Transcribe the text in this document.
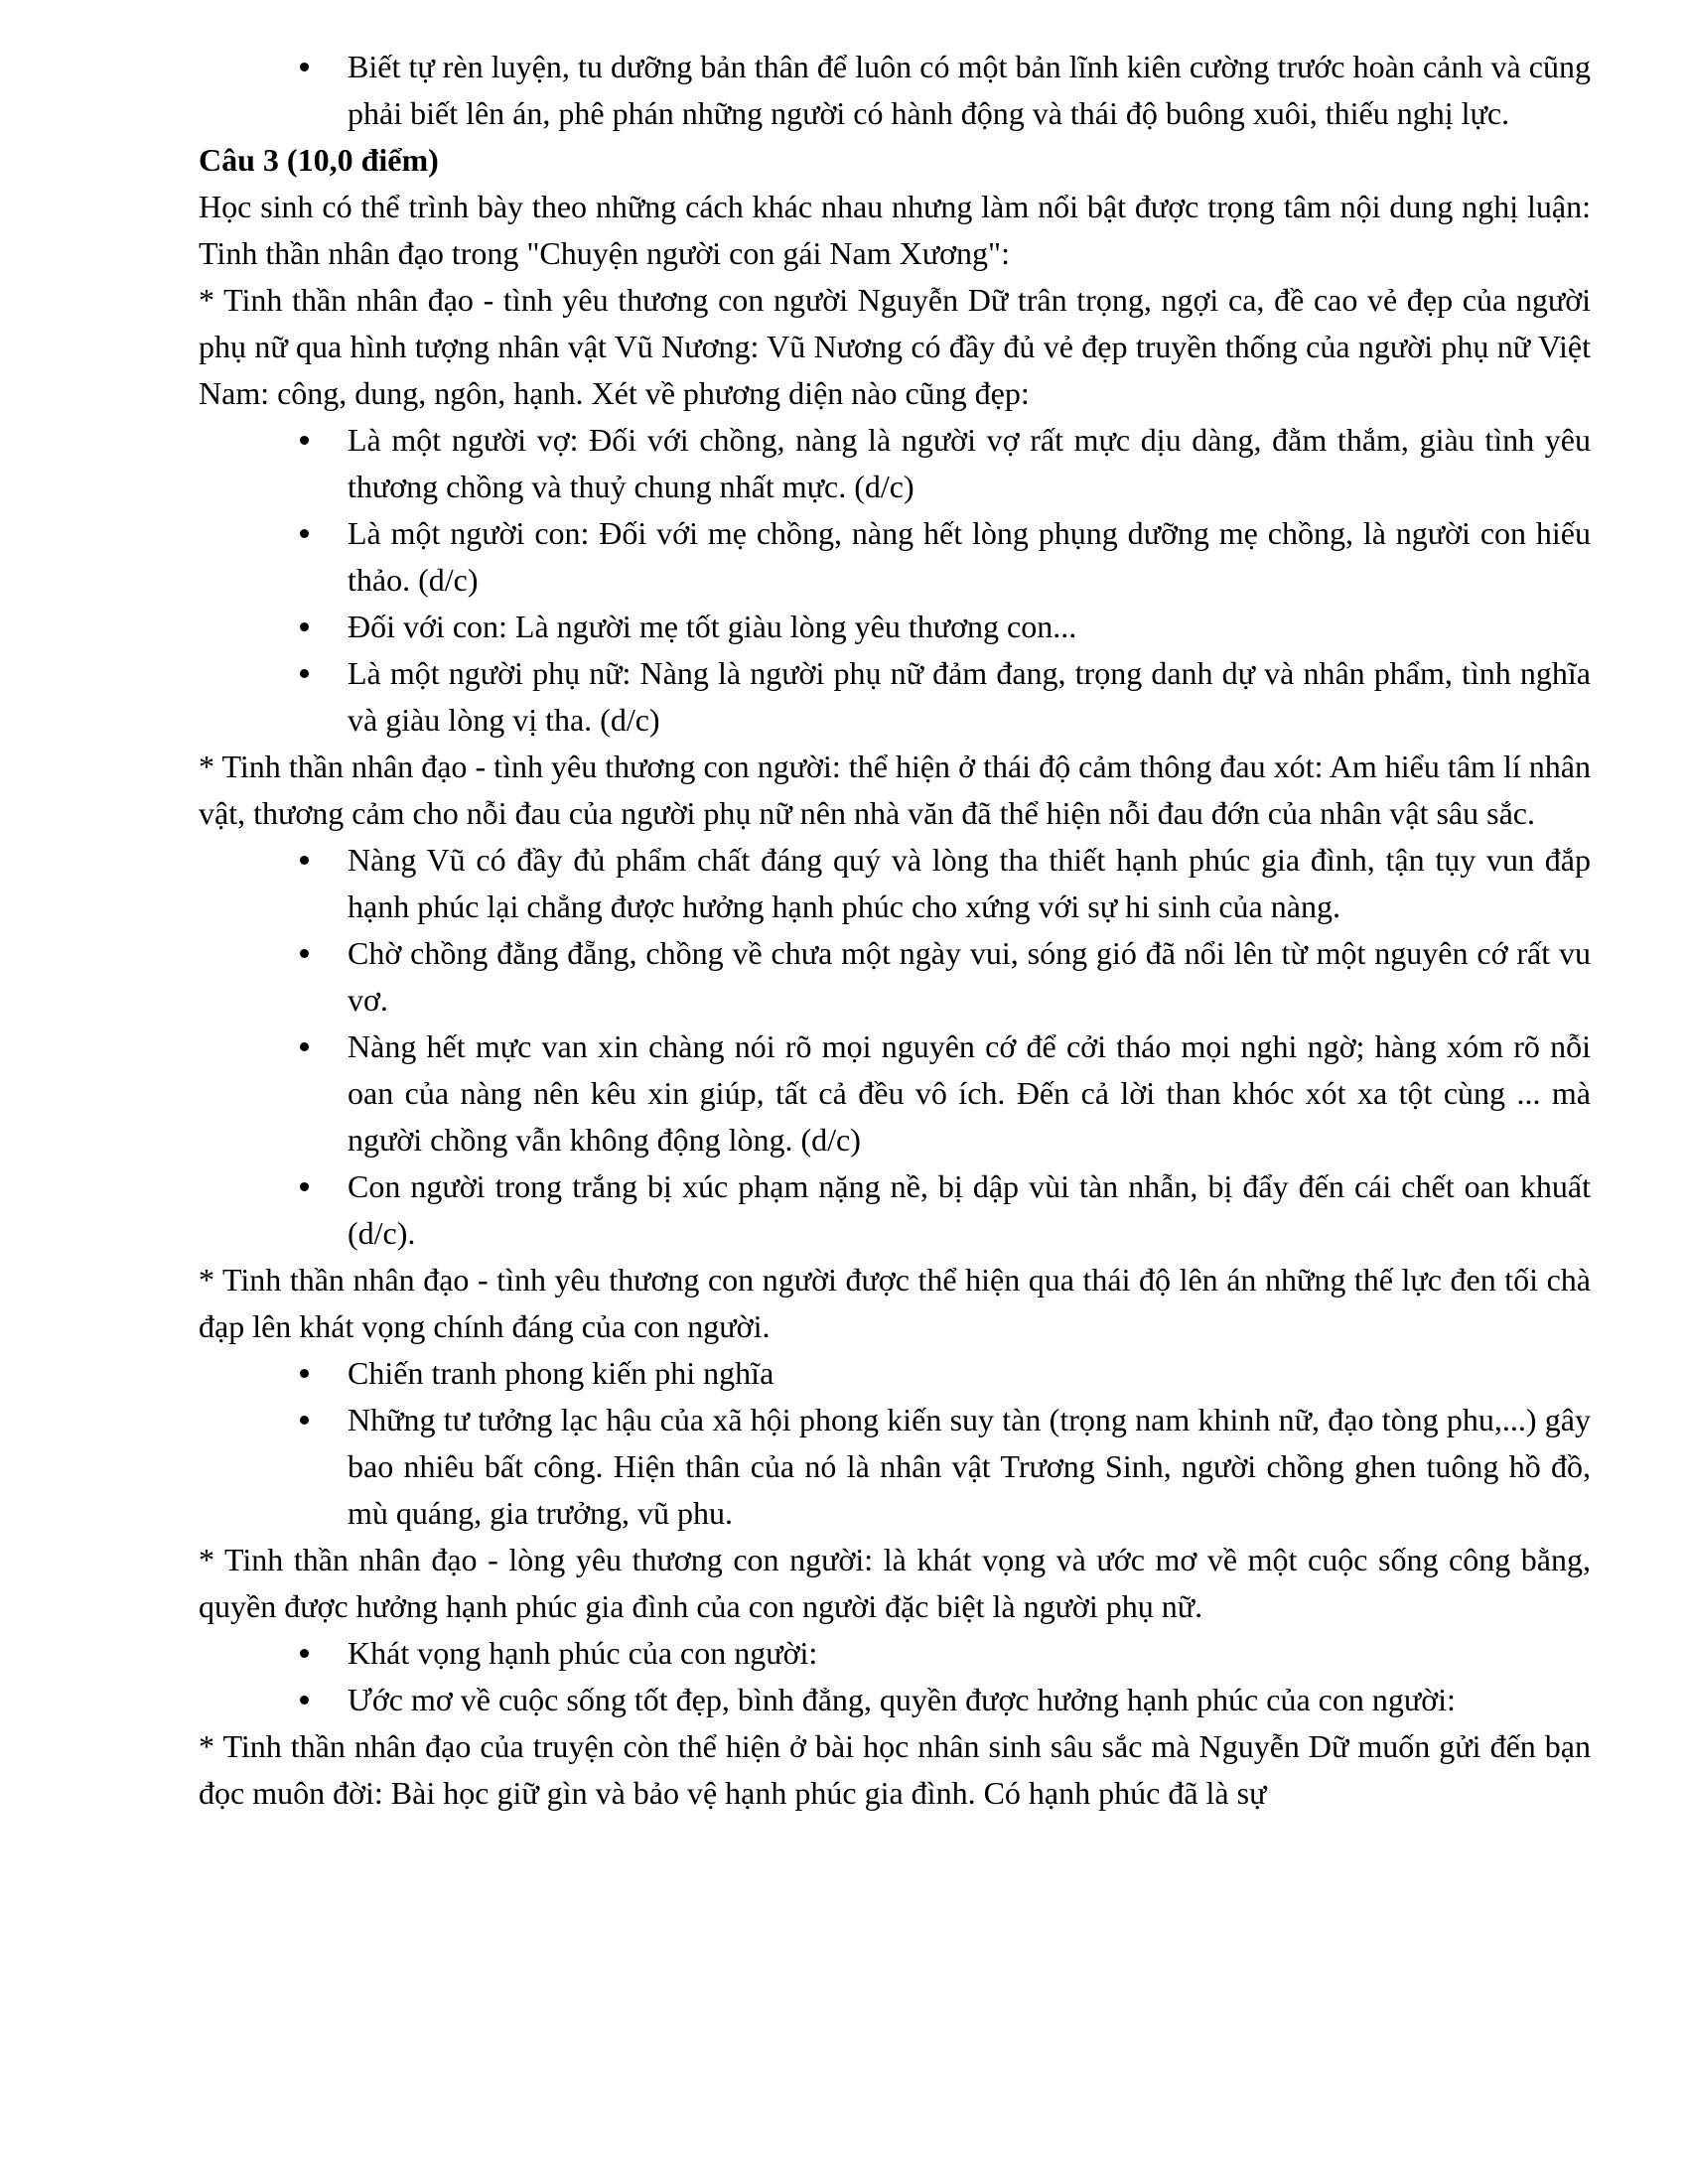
Biết tự rèn luyện, tu dưỡng bản thân để luôn có một bản lĩnh kiên cường trước hoàn cảnh và cũng phải biết lên án, phê phán những người có hành động và thái độ buông xuôi, thiếu nghị lực.

Câu 3 (10,0 điểm)

Học sinh có thể trình bày theo những cách khác nhau nhưng làm nổi bật được trọng tâm nội dung nghị luận: Tinh thần nhân đạo trong "Chuyện người con gái Nam Xương":

* Tinh thần nhân đạo - tình yêu thương con người Nguyễn Dữ trân trọng, ngợi ca, đề cao vẻ đẹp của người phụ nữ qua hình tượng nhân vật Vũ Nương: Vũ Nương có đầy đủ vẻ đẹp truyền thống của người phụ nữ Việt Nam: công, dung, ngôn, hạnh. Xét về phương diện nào cũng đẹp:

Là một người vợ: Đối với chồng, nàng là người vợ rất mực dịu dàng, đằm thắm, giàu tình yêu thương chồng và thuỷ chung nhất mực. (d/c)
Là một người con: Đối với mẹ chồng, nàng hết lòng phụng dưỡng mẹ chồng, là người con hiếu thảo. (d/c)
Đối với con: Là người mẹ tốt giàu lòng yêu thương con...
Là một người phụ nữ: Nàng là người phụ nữ đảm đang, trọng danh dự và nhân phẩm, tình nghĩa và giàu lòng vị tha. (d/c)

* Tinh thần nhân đạo - tình yêu thương con người: thể hiện ở thái độ cảm thông đau xót: Am hiểu tâm lí nhân vật, thương cảm cho nỗi đau của người phụ nữ nên nhà văn đã thể hiện nỗi đau đớn của nhân vật sâu sắc.

Nàng Vũ có đầy đủ phẩm chất đáng quý và lòng tha thiết hạnh phúc gia đình, tận tụy vun đắp hạnh phúc lại chẳng được hưởng hạnh phúc cho xứng với sự hi sinh của nàng.
Chờ chồng đằng đẵng, chồng về chưa một ngày vui, sóng gió đã nổi lên từ một nguyên cớ rất vu vơ.
Nàng hết mực van xin chàng nói rõ mọi nguyên cớ để cởi tháo mọi nghi ngờ; hàng xóm rõ nỗi oan của nàng nên kêu xin giúp, tất cả đều vô ích. Đến cả lời than khóc xót xa tột cùng ... mà người chồng vẫn không động lòng. (d/c)
Con người trong trắng bị xúc phạm nặng nề, bị dập vùi tàn nhẫn, bị đẩy đến cái chết oan khuất (d/c).

* Tinh thần nhân đạo - tình yêu thương con người được thể hiện qua thái độ lên án những thế lực đen tối chà đạp lên khát vọng chính đáng của con người.

Chiến tranh phong kiến phi nghĩa
Những tư tưởng lạc hậu của xã hội phong kiến suy tàn (trọng nam khinh nữ, đạo tòng phu,...) gây bao nhiêu bất công. Hiện thân của nó là nhân vật Trương Sinh, người chồng ghen tuông hồ đồ, mù quáng, gia trưởng, vũ phu.

* Tinh thần nhân đạo - lòng yêu thương con người: là khát vọng và ước mơ về một cuộc sống công bằng, quyền được hưởng hạnh phúc gia đình của con người đặc biệt là người phụ nữ.

Khát vọng hạnh phúc của con người:
Ước mơ về cuộc sống tốt đẹp, bình đẳng, quyền được hưởng hạnh phúc của con người:

* Tinh thần nhân đạo của truyện còn thể hiện ở bài học nhân sinh sâu sắc mà Nguyễn Dữ muốn gửi đến bạn đọc muôn đời: Bài học giữ gìn và bảo vệ hạnh phúc gia đình. Có hạnh phúc đã là sự
